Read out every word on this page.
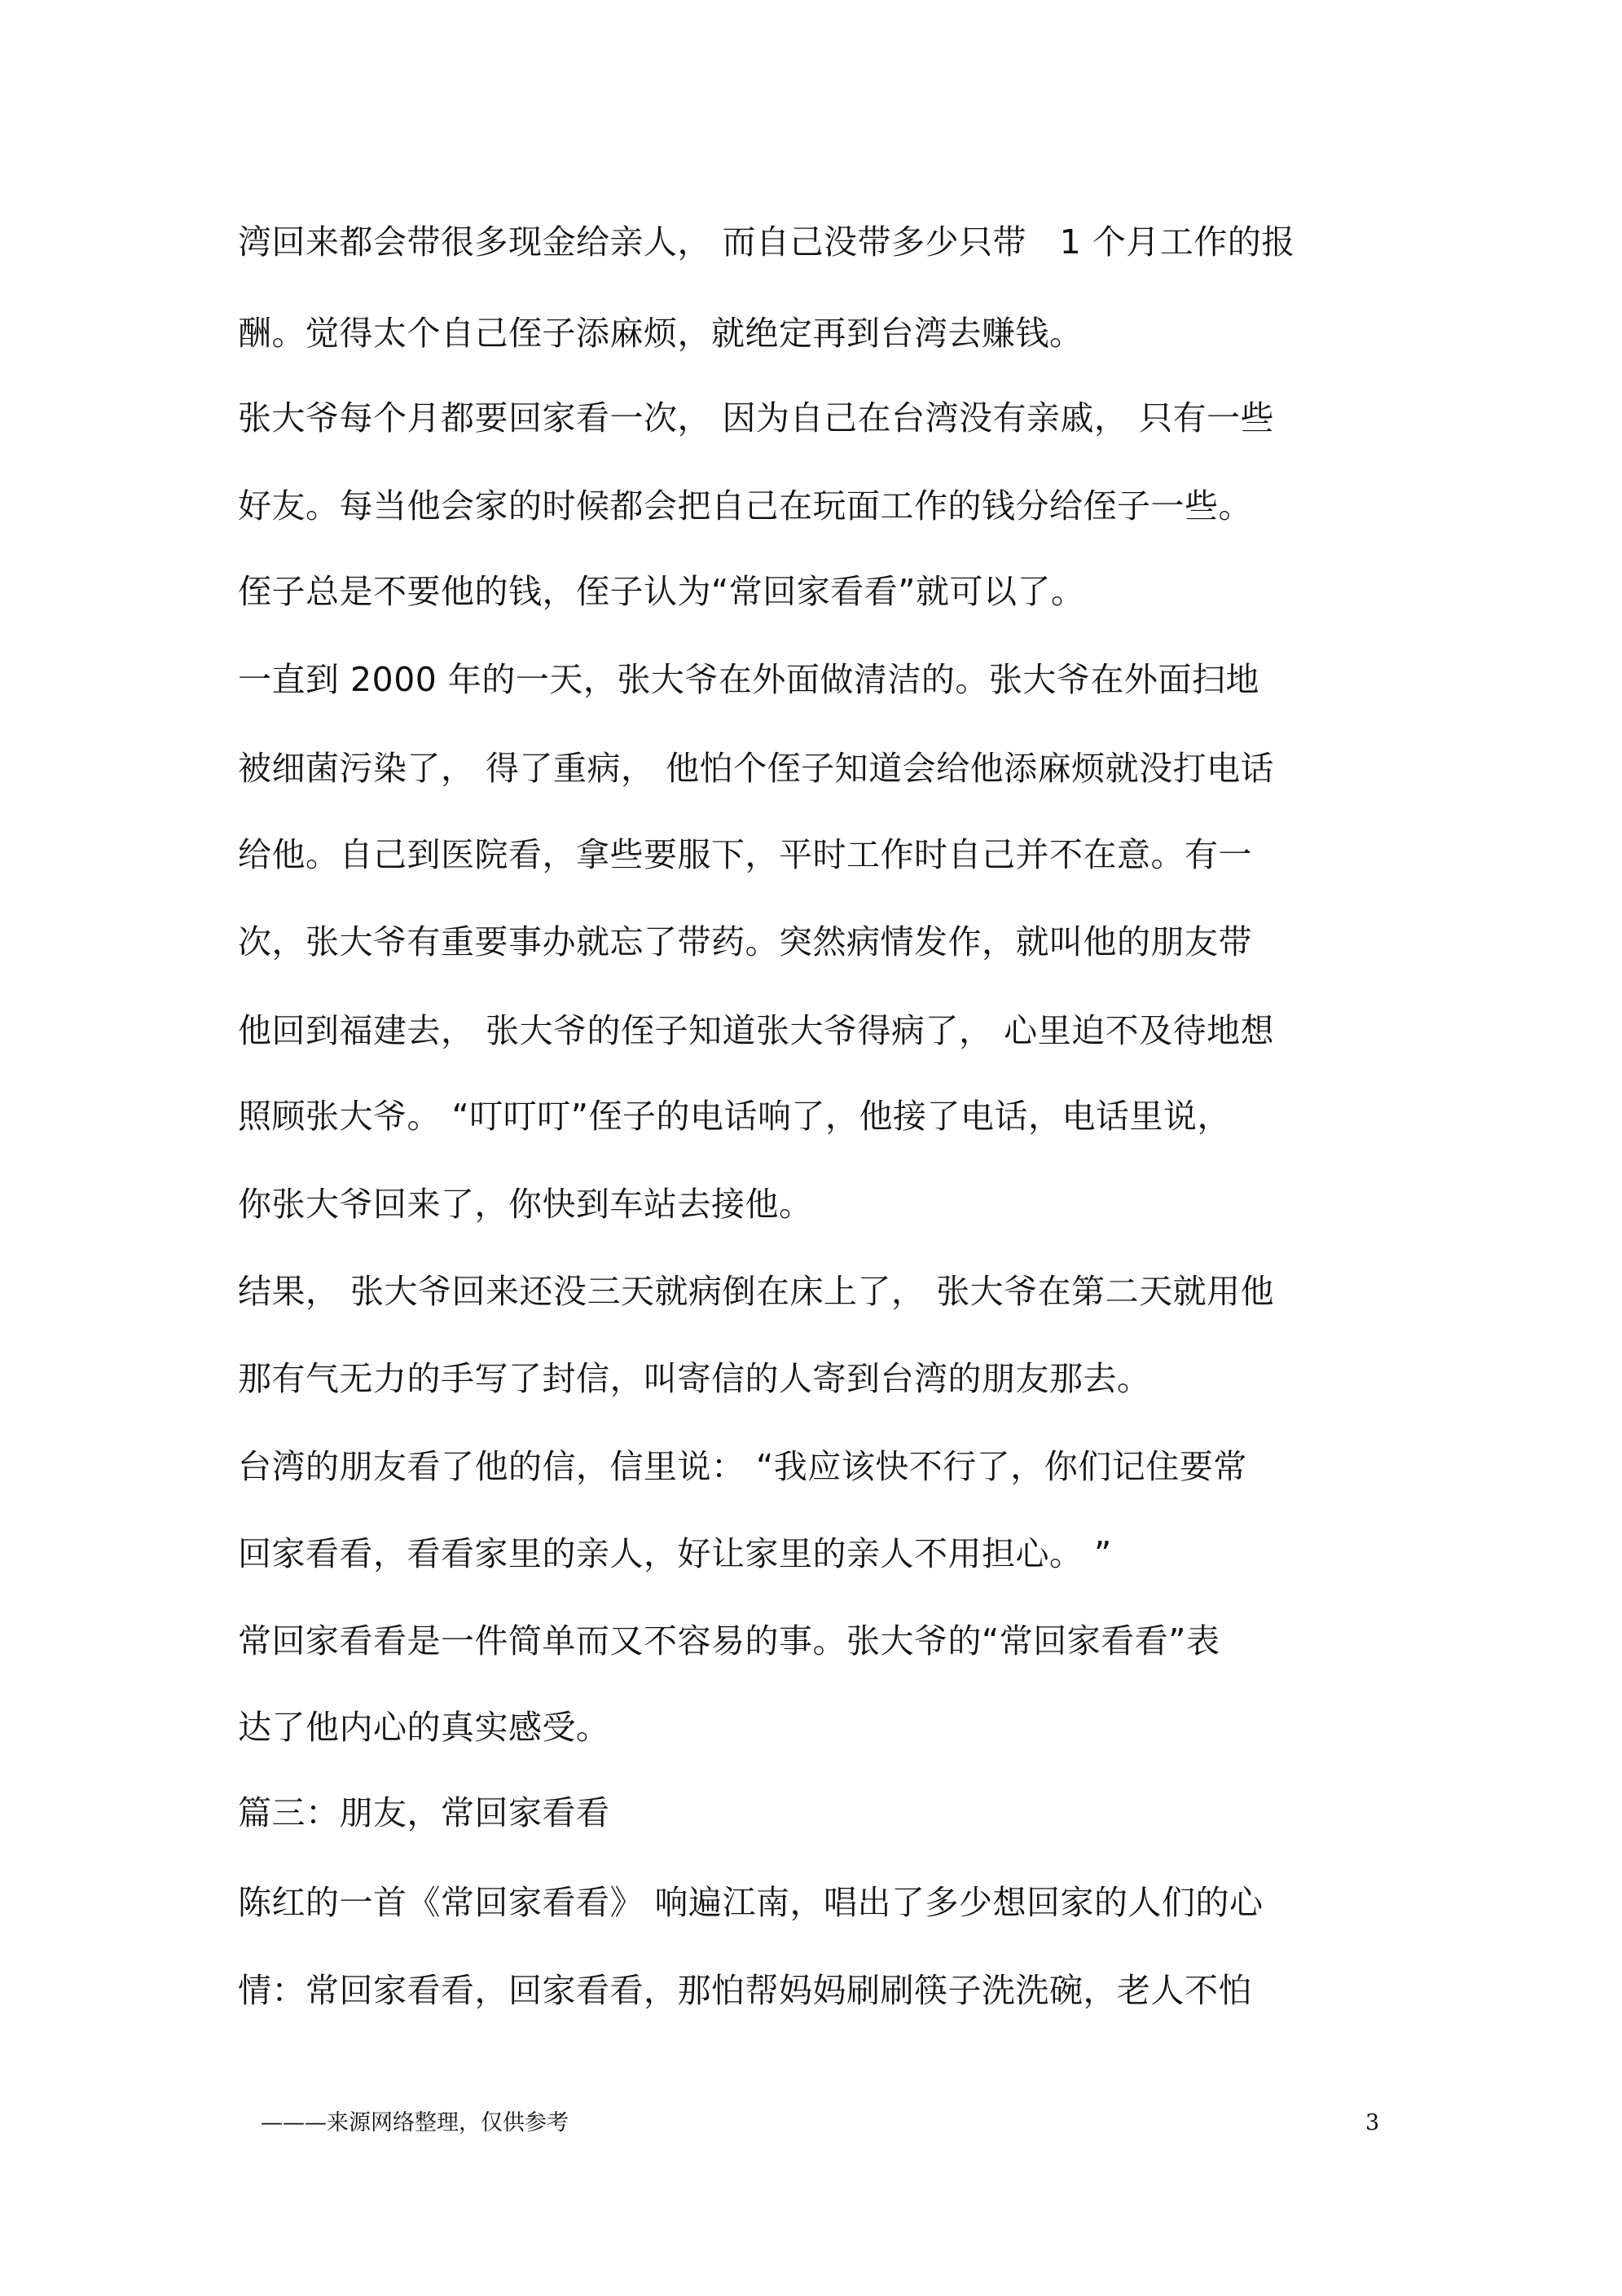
湾回来都会带很多现金给亲人， 而自己没带多少只带   1 个月工作的报
酬。觉得太个自己侄子添麻烦，就绝定再到台湾去赚钱。
张大爷每个月都要回家看一次， 因为自己在台湾没有亲戚， 只有一些
好友。每当他会家的时候都会把自己在玩面工作的钱分给侄子一些。
侄子总是不要他的钱，侄子认为“常回家看看”就可以了。
一直到 2000 年的一天，张大爷在外面做清洁的。张大爷在外面扫地
被细菌污染了， 得了重病， 他怕个侄子知道会给他添麻烦就没打电话
给他。自己到医院看，拿些要服下，平时工作时自己并不在意。有一
次，张大爷有重要事办就忘了带药。突然病情发作，就叫他的朋友带
他回到福建去， 张大爷的侄子知道张大爷得病了， 心里迫不及待地想
照顾张大爷。 “叮叮叮”侄子的电话响了，他接了电话，电话里说，
你张大爷回来了，你快到车站去接他。
结果， 张大爷回来还没三天就病倒在床上了， 张大爷在第二天就用他
那有气无力的手写了封信，叫寄信的人寄到台湾的朋友那去。
台湾的朋友看了他的信，信里说： “我应该快不行了，你们记住要常
回家看看，看看家里的亲人，好让家里的亲人不用担心。 ”
常回家看看是一件简单而又不容易的事。张大爷的“常回家看看”表
达了他内心的真实感受。
篇三：朋友，常回家看看
陈红的一首《常回家看看》 响遍江南，唱出了多少想回家的人们的心
情：常回家看看，回家看看，那怕帮妈妈刷刷筷子洗洗碗，老人不怕
———来源网络整理，仅供参考	3
